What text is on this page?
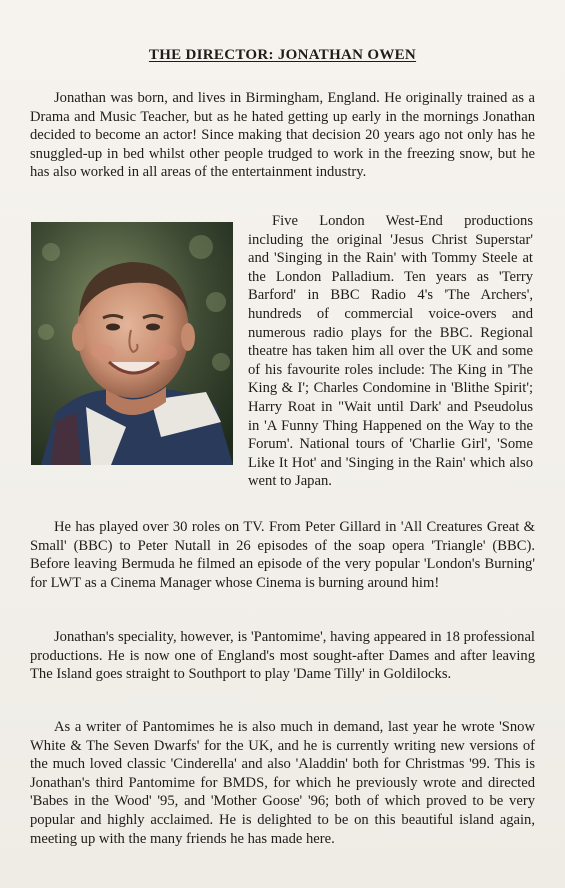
THE DIRECTOR: JONATHAN OWEN

Jonathan was born, and lives in Birmingham, England. He originally trained as a Drama and Music Teacher, but as he hated getting up early in the mornings Jonathan decided to become an actor! Since making that decision 20 years ago not only has he snuggled-up in bed whilst other people trudged to work in the freezing snow, but he has also worked in all areas of the entertainment industry.

Five London West-End productions including the original 'Jesus Christ Superstar' and 'Singing in the Rain' with Tommy Steele at the London Palladium. Ten years as 'Terry Barford' in BBC Radio 4's 'The Archers', hundreds of commercial voice-overs and numerous radio plays for the BBC. Regional theatre has taken him all over the UK and some of his favourite roles include: The King in 'The King & I'; Charles Condomine in 'Blithe Spirit'; Harry Roat in "Wait until Dark' and Pseudolus in 'A Funny Thing Happened on the Way to the Forum'. National tours of 'Charlie Girl', 'Some Like It Hot' and 'Singing in the Rain' which also went to Japan.

He has played over 30 roles on TV. From Peter Gillard in 'All Creatures Great & Small' (BBC) to Peter Nutall in 26 episodes of the soap opera 'Triangle' (BBC). Before leaving Bermuda he filmed an episode of the very popular 'London's Burning' for LWT as a Cinema Manager whose Cinema is burning around him!

Jonathan's speciality, however, is 'Pantomime', having appeared in 18 professional productions. He is now one of England's most sought-after Dames and after leaving The Island goes straight to Southport to play 'Dame Tilly' in Goldilocks.

As a writer of Pantomimes he is also much in demand, last year he wrote 'Snow White & The Seven Dwarfs' for the UK, and he is currently writing new versions of the much loved classic 'Cinderella' and also 'Aladdin' both for Christmas '99. This is Jonathan's third Pantomime for BMDS, for which he previously wrote and directed 'Babes in the Wood' '95, and 'Mother Goose' '96; both of which proved to be very popular and highly acclaimed. He is delighted to be on this beautiful island again, meeting up with the many friends he has made here.
